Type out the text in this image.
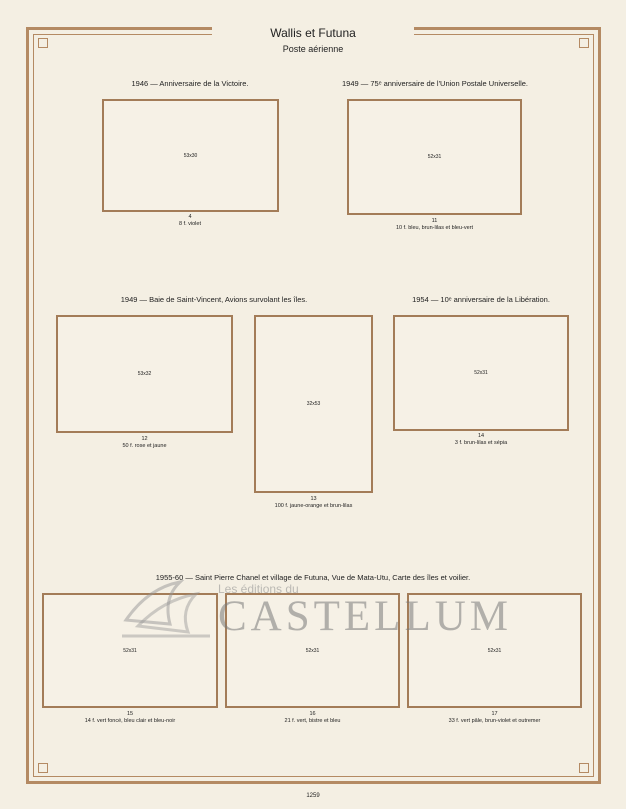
Wallis et Futuna
Poste aérienne
1946 — Anniversaire de la Victoire.	1949 — 75ᵉ anniversaire de l'Union Postale Universelle.
1949 — Baie de Saint-Vincent, Avions survolant les îles.	1954 — 10ᵉ anniversaire de la Libération.
1955-60 — Saint Pierre Chanel et village de Futuna, Vue de Mata-Utu, Carte des îles et voilier.
53x30
4
8 f. violet
52x31
11
10 f. bleu, brun-lilas et bleu-vert
53x32
12
50 f. rose et jaune
32x53
13
100 f. jaune-orange et brun-lilas
52x31
14
3 f. brun-lilas et sépia
52x31
15
14 f. vert foncé, bleu clair et bleu-noir
52x31
16
21 f. vert, bistre et bleu
52x31
17
33 f. vert pâle, brun-violet et outremer
Les éditions du
CASTELLUM
1259
